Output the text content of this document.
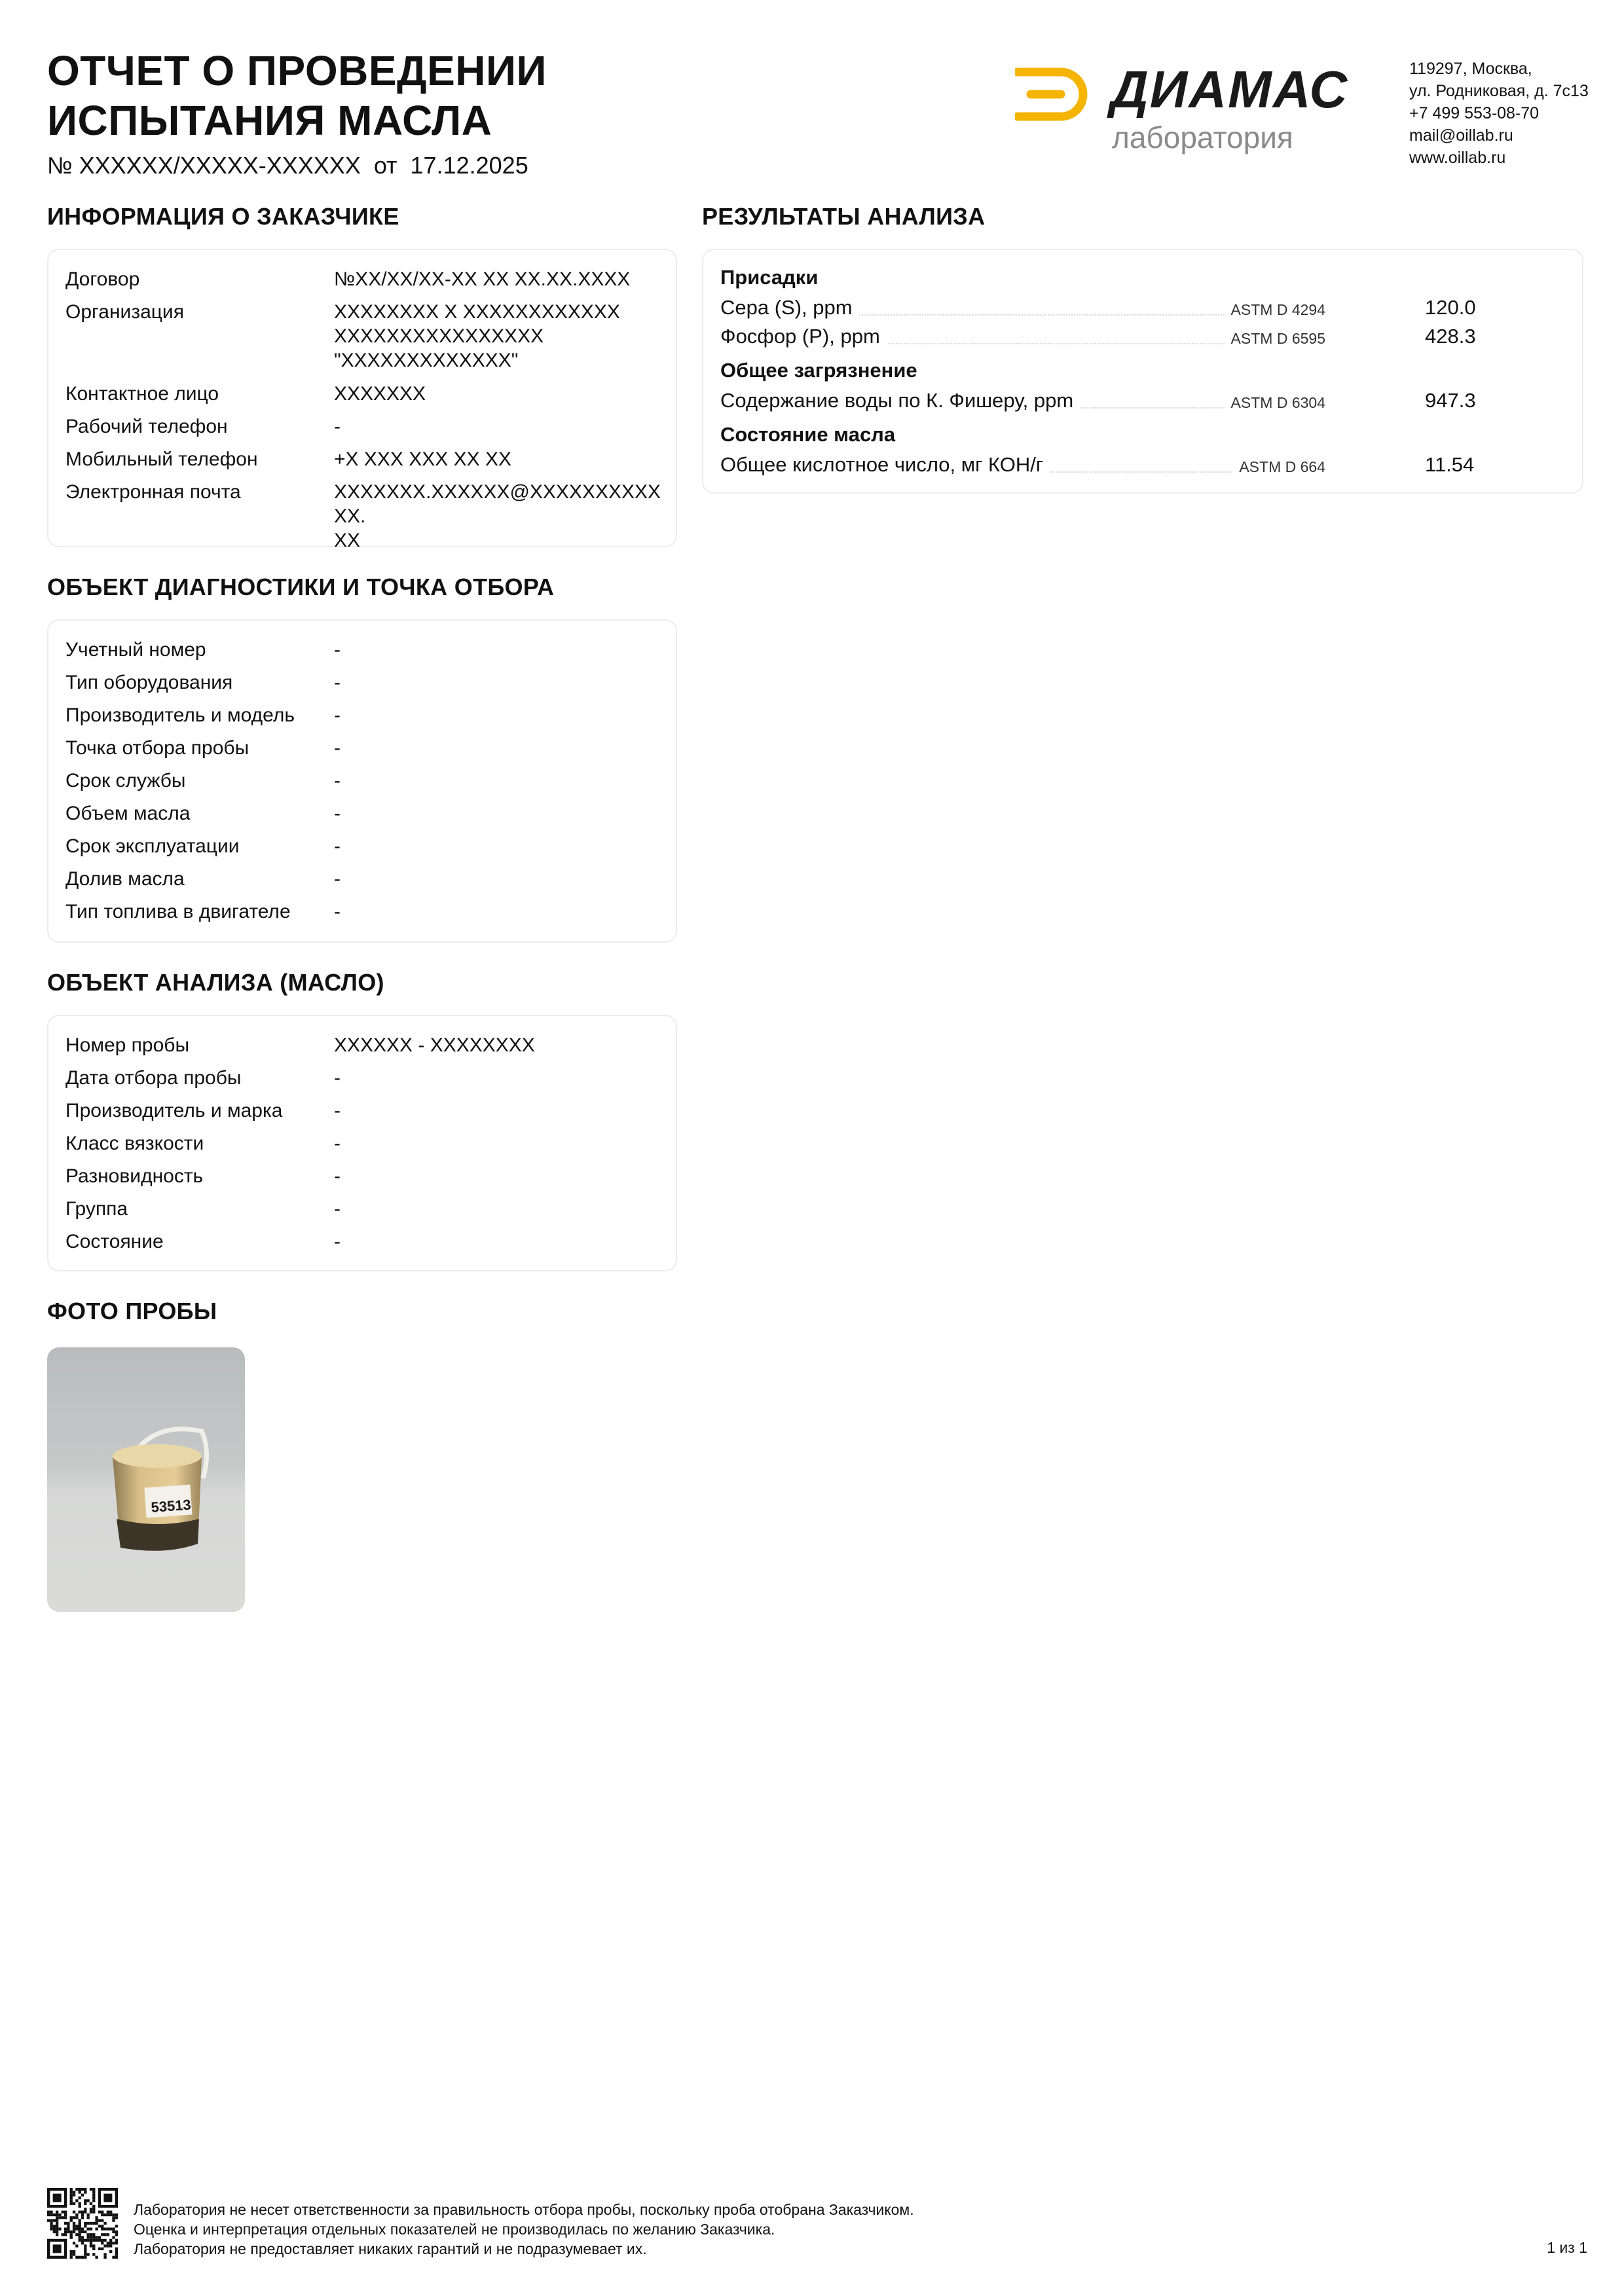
ОТЧЕТ О ПРОВЕДЕНИИ
ИСПЫТАНИЯ МАСЛА
№ XXXXXX/XXXXX-XXXXXX  от  17.12.2025
ДИАМАС
лаборатория
119297, Москва,
ул. Родниковая, д. 7с13
+7 499 553-08-70
mail@oillab.ru
www.oillab.ru
ИНФОРМАЦИЯ О ЗАКАЗЧИКЕ
Договор	№XX/XX/XX-XX XX XX.XX.XXXX
Организация	XXXXXXXX X XXXXXXXXXXXX
XXXXXXXXXXXXXXXX
"XXXXXXXXXXXXX"
Контактное лицо	XXXXXXX
Рабочий телефон	-
Мобильный телефон	+X XXX XXX XX XX
Электронная почта	XXXXXXX.XXXXXX@XXXXXXXXXXXX.
XX
ОБЪЕКТ ДИАГНОСТИКИ И ТОЧКА ОТБОРА
Учетный номер	-
Тип оборудования	-
Производитель и модель	-
Точка отбора пробы	-
Срок службы	-
Объем масла	-
Срок эксплуатации	-
Долив масла	-
Тип топлива в двигателе	-
ОБЪЕКТ АНАЛИЗА (МАСЛО)
Номер пробы	XXXXXX - XXXXXXXX
Дата отбора пробы	-
Производитель и марка	-
Класс вязкости	-
Разновидность	-
Группа	-
Состояние	-
ФОТО ПРОБЫ
53513
РЕЗУЛЬТАТЫ АНАЛИЗА
Присадки
Сера (S), ppm	ASTM D 4294	120.0
Фосфор (P), ppm	ASTM D 6595	428.3
Общее загрязнение
Содержание воды по К. Фишеру, ppm	ASTM D 6304	947.3
Состояние масла
Общее кислотное число, мг КОН/г	ASTM D 664	11.54
Лаборатория не несет ответственности за правильность отбора пробы, поскольку проба отобрана Заказчиком.
Оценка и интерпретация отдельных показателей не производилась по желанию Заказчика.
Лаборатория не предоставляет никаких гарантий и не подразумевает их.	1 из 1
